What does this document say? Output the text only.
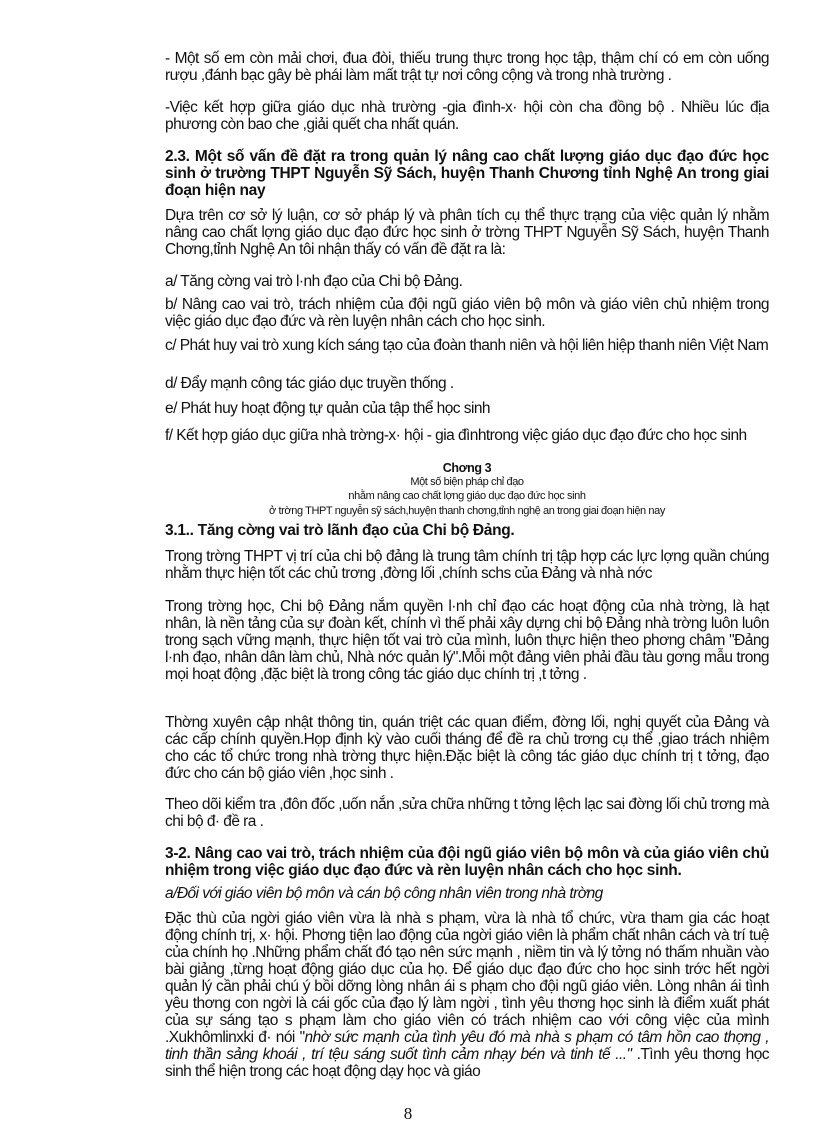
- Một số em còn mải chơi, đua đòi, thiếu trung thực trong học tập, thậm chí có em còn uống rượu ,đánh bạc gây bè phái làm mất trật tự nơi công cộng và trong nhà trường .
-Việc kết hợp giữa giáo dục nhà trường -gia đình-x· hội còn cha đồng bộ . Nhiều lúc địa phương còn bao che ,giải quết cha nhất quán.
2.3. Một số vấn đề đặt ra trong quản lý nâng cao chất lượng giáo dục đạo đức học sinh ở trường THPT Nguyễn Sỹ Sách, huyện Thanh Chương tỉnh Nghệ An trong giai đoạn hiện nay
Dựa trên cơ sở lý luận, cơ sở pháp lý và phân tích cụ thể thực trạng của việc quản lý nhằm nâng cao chất lợng giáo dục đạo đức học sinh ở trờng THPT Nguyễn Sỹ Sách, huyện Thanh Chơng,tỉnh Nghệ An tôi nhận thấy có vấn đề đặt ra là:
a/ Tăng cờng vai trò l·nh đạo của Chi bộ Đảng.
b/ Nâng cao vai trò, trách nhiệm của đội ngũ giáo viên bộ môn và giáo viên chủ nhiệm trong việc giáo dục đạo đức và rèn luyện nhân cách cho học sinh.
c/ Phát huy vai trò xung kích sáng tạo của đoàn thanh niên và hội liên hiệp thanh niên Việt Nam
d/ Đẩy mạnh công tác giáo dục truyền thống .
e/ Phát huy hoạt động tự quản của tập thể học sinh
f/ Kết hợp giáo dục giữa nhà trờng-x· hội - gia đìnhtrong việc giáo dục đạo đức cho học sinh
Chơng 3
Một số biện pháp chỉ đạo
nhằm nâng cao chất lợng giáo dục đạo đức học sinh
ở trờng THPT nguyễn sỹ sách,huyện thanh chơng,tỉnh nghệ an trong giai đoạn hiện nay
3.1.. Tăng cờng vai trò lãnh đạo của Chi bộ Đảng.
Trong trờng THPT vị trí của chi bộ đảng là trung tâm chính trị tập hợp các lực lợng quần chúng nhằm thực hiện tốt các chủ trơng ,đờng lối ,chính schs của Đảng và nhà nớc
Trong trờng học, Chi bộ Đảng nắm quyền l·nh chỉ đạo các hoạt động của nhà trờng, là hạt nhân, là nền tảng của sự đoàn kết, chính vì thế phải xây dựng chi bộ Đảng nhà trờng luôn luôn trong sạch vững mạnh, thực hiện tốt vai trò của mình, luôn thực hiện theo phơng châm "Đảng l·nh đạo, nhân dân làm chủ, Nhà nớc quản lý".Mỗi một đảng viên phải đầu tàu gơng mẫu trong mọi hoạt động ,đặc biệt là trong công tác giáo dục chính trị ,t tởng .
Thờng xuyên cập nhật thông tin, quán triệt các quan điểm, đờng lối, nghị quyết của Đảng và các cấp chính quyền.Họp định kỳ vào cuối tháng để đề ra chủ trơng cụ thể ,giao trách nhiệm cho các tổ chức trong nhà trờng thực hiện.Đặc biệt là công tác giáo dục chính trị t tởng, đạo đức cho cán bộ giáo viên ,học sinh .
Theo dõi kiểm tra ,đôn đốc ,uốn nắn ,sửa chữa những t tởng lệch lạc sai đờng lối chủ trơng mà chi bộ đ· đề ra .
3-2. Nâng cao vai trò, trách nhiệm của đội ngũ giáo viên bộ môn và của giáo viên chủ nhiệm trong việc giáo dục đạo đức và rèn luyện nhân cách cho học sinh.
a/Đối với giáo viên bộ môn và cán bộ công nhân viên trong nhà trờng
Đặc thù của ngời giáo viên vừa là nhà s phạm, vừa là nhà tổ chức, vừa tham gia các hoạt động chính trị, x· hội. Phơng tiện lao động của ngời giáo viên là phẩm chất nhân cách và trí tuệ của chính họ .Những phẩm chất đó tạo nên sức mạnh , niềm tin và lý tởng nó thấm nhuần vào bài giảng ,từng hoạt động giáo dục của họ. Để giáo dục đạo đức cho học sinh trớc hết ngời quản lý cần phải chú ý bồi dỡng lòng nhân ái s phạm cho đội ngũ giáo viên. Lòng nhân ái tình yêu thơng con ngời là cái gốc của đạo lý làm ngời , tình yêu thơng học sinh là điểm xuất phát của sự sáng tạo s phạm làm cho giáo viên có trách nhiệm cao với công việc của mình .Xukhômlinxki đ· nói "nhờ sức mạnh của tình yêu đó mà nhà s phạm có tâm hồn cao thợng , tinh thần sảng khoái , trí tệu sáng suốt tình cảm nhạy bén và tinh tế ..." .Tình yêu thơng học sinh thể hiện trong các hoạt động dạy học và giáo
8
